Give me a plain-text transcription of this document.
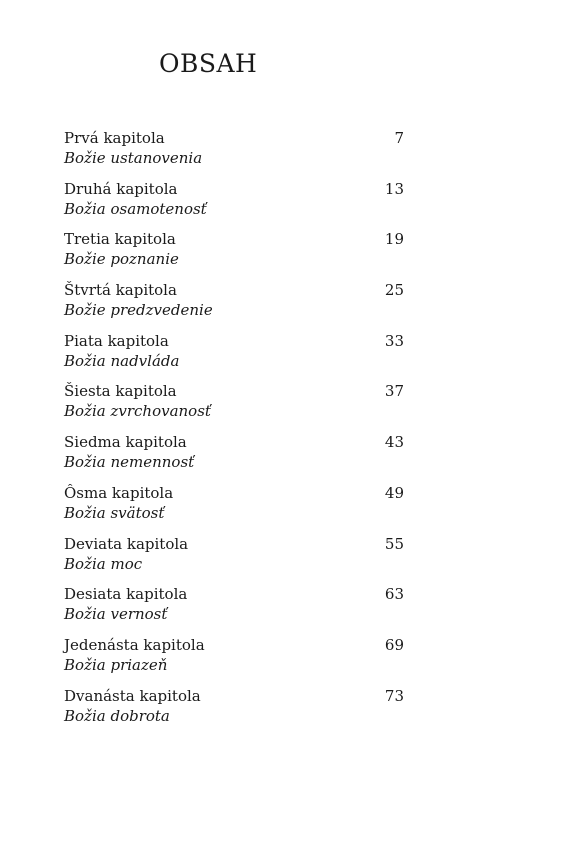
OBSAH
Prvá kapitola
Božie ustanovenia
7
Druhá kapitola
Božia osamotenosť
13
Tretia kapitola
Božie poznanie
19
Štvrtá kapitola
Božie predzvedenie
25
Piata kapitola
Božia nadvláda
33
Šiesta kapitola
Božia zvrchovanosť
37
Siedma kapitola
Božia nemennosť
43
Ôsma kapitola
Božia svätosť
49
Deviata kapitola
Božia moc
55
Desiata kapitola
Božia vernosť
63
Jedenásta kapitola
Božia priazeň
69
Dvanásta kapitola
Božia dobrota
73
